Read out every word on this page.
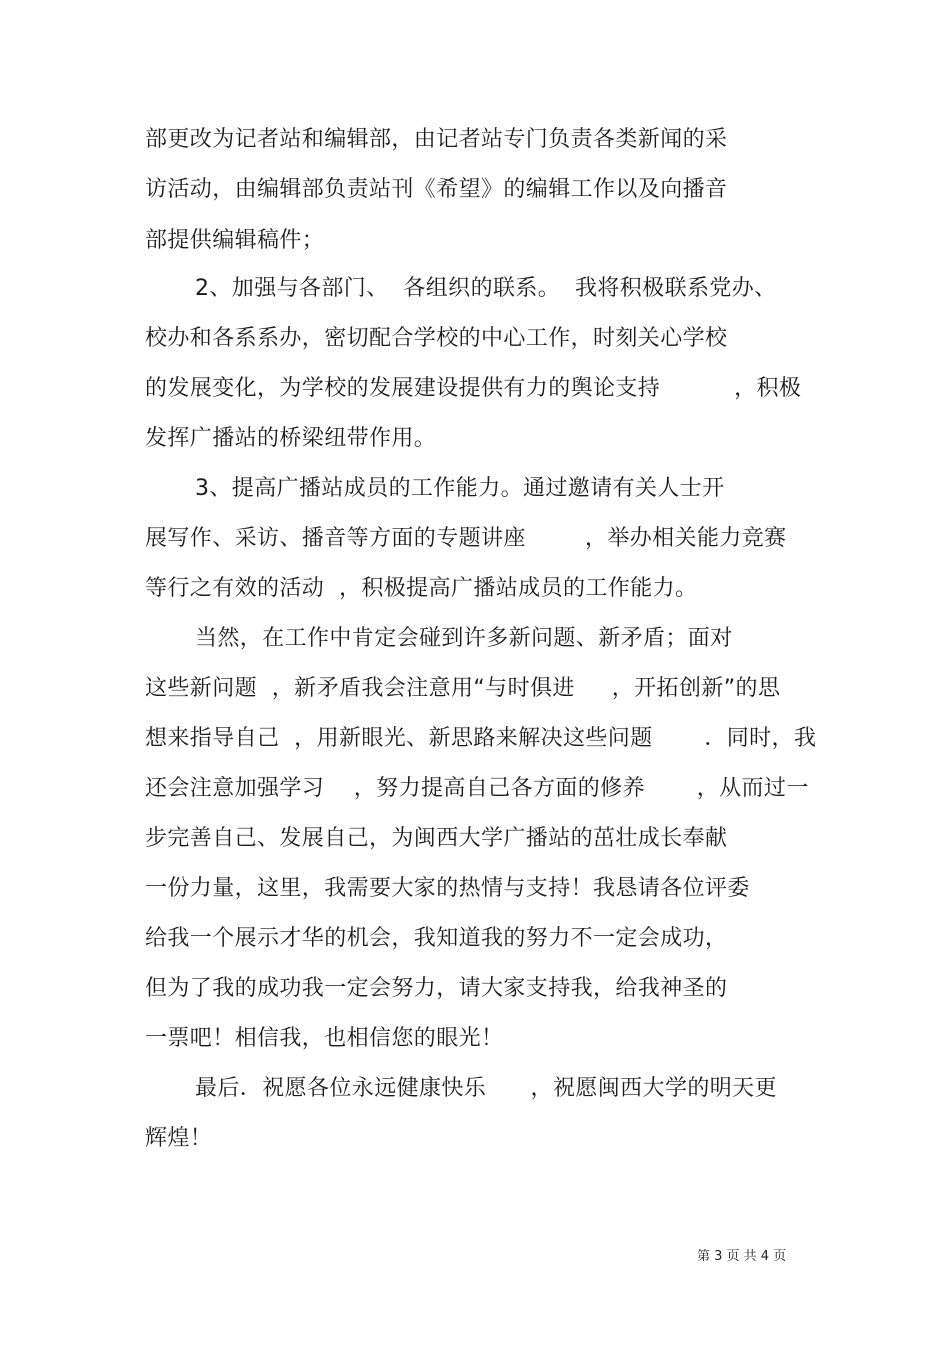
部更改为记者站和编辑部，由记者站专门负责各类新闻的采
访活动，由编辑部负责站刊《希望》的编辑工作以及向播音
部提供编辑稿件；
2、加强与各部门、  各组织的联系。  我将积极联系党办、
校办和各系系办，密切配合学校的中心工作，时刻关心学校
的发展变化，为学校的发展建设提供有力的舆论支持          ，积极
发挥广播站的桥梁纽带作用。
3、提高广播站成员的工作能力。通过邀请有关人士开
展写作、采访、播音等方面的专题讲座        ，举办相关能力竞赛
等行之有效的活动  ，积极提高广播站成员的工作能力。
当然，在工作中肯定会碰到许多新问题、新矛盾；面对
这些新问题  ，新矛盾我会注意用“与时俱进     ，开拓创新”的思
想来指导自己  ，用新眼光、新思路来解决这些问题       ．同时，我
还会注意加强学习    ，努力提高自己各方面的修养       ，从而过一
步完善自己、发展自己，为闽西大学广播站的茁壮成长奉献
一份力量，这里，我需要大家的热情与支持！我恳请各位评委
给我一个展示才华的机会，我知道我的努力不一定会成功，
但为了我的成功我一定会努力，请大家支持我，给我神圣的
一票吧！相信我，也相信您的眼光！
最后．祝愿各位永远健康快乐      ，祝愿闽西大学的明天更
辉煌！
第 3 页 共 4 页
